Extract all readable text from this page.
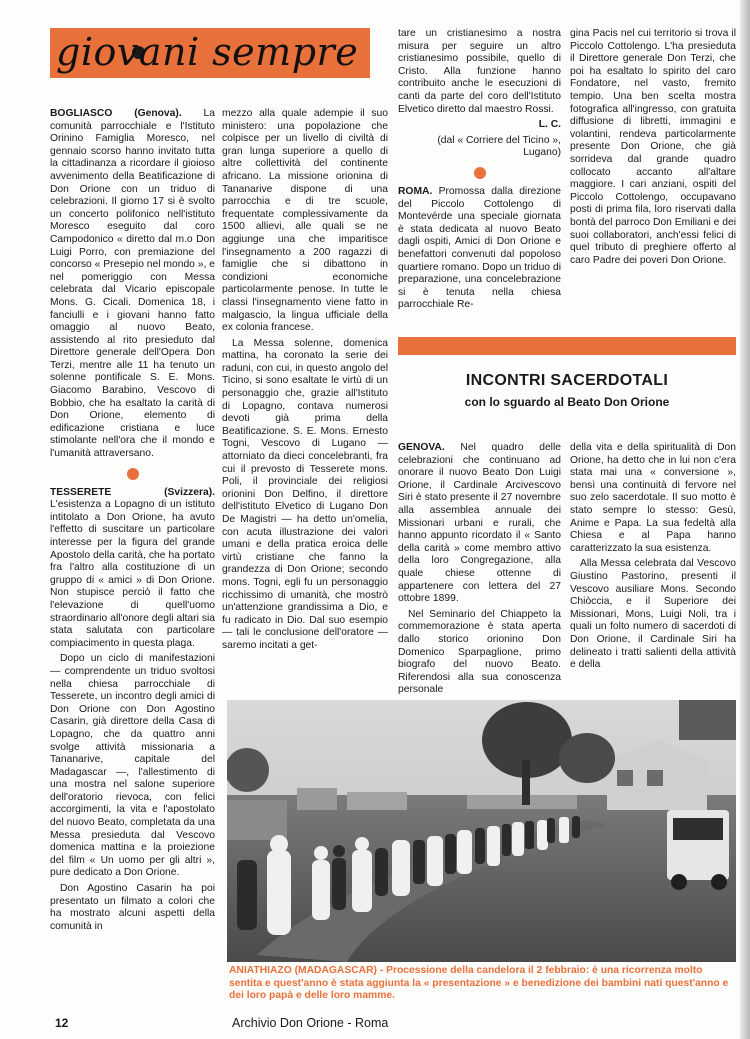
giovani sempre

BOGLIASCO (Genova). La comunità parrocchiale e l'Istituto Orinino Famiglia Moresco, nel gennaio scorso hanno invitato tutta la cittadinanza a ricordare il gioioso avvenimento della Beatificazione di Don Orione con un triduo di celebrazioni. Il giorno 17 si è svolto un concerto polifonico nell'istituto Moresco eseguito dal coro Campodonico « diretto dal m.o Don Luigi Porro, con premiazione del concorso « Presepio nel mondo », e nel pomeriggio con Messa celebrata dal Vicario episcopale Mons. G. Cicali. Domenica 18, i fanciulli e i giovani hanno fatto omaggio al nuovo Beato, assistendo al rito presieduto dal Direttore generale dell'Opera Don Terzi, mentre alle 11 ha tenuto un solenne pontificale S. E. Mons. Giacomo Barabino, Vescovo di Bobbio, che ha esaltato la carità di Don Orione, elemento di edificazione cristiana e luce stimolante nell'ora che il mondo e l'umanità attraversano.

TESSERETE (Svizzera). L'esistenza a Lopagno di un istituto intitolato a Don Orione, ha avuto l'effetto di suscitare un particolare interesse per la figura del grande Apostolo della carità, che ha portato fra l'altro alla costituzione di un gruppo di « amici » di Don Orione. Non stupisce perciò il fatto che l'elevazione di quell'uomo straordinario all'onore degli altari sia stata salutata con particolare compiacimento in questa plaga.

Dopo un ciclo di manifestazioni — comprendente un triduo svoltosi nella chiesa parrocchiale di Tesserete, un incontro degli amici di Don Orione con Don Agostino Casarin, già direttore della Casa di Lopagno, che da quattro anni svolge attività missionaria a Tananarive, capitale del Madagascar —, l'allestimento di una mostra nel salone superiore dell'oratorio rievoca, con felici accorgimenti, la vita e l'apostolato del nuovo Beato, completata da una Messa presieduta dal Vescovo domenica mattina e la proiezione del film « Un uomo per gli altri », pure dedicato a Don Orione.

Don Agostino Casarin ha poi presentato un filmato a colori che ha mostrato alcuni aspetti della comunità in

mezzo alla quale adempie il suo ministero: una popolazione che colpisce per un livello di civiltà di gran lunga superiore a quello di altre collettività del continente africano. La missione orionina di Tananarive dispone di una parrocchia e di tre scuole, frequentate complessivamente da 1500 allievi, alle quali se ne aggiunge una che imparitisce l'insegnamento a 200 ragazzi di famiglie che si dibattono in condizioni economiche particolarmente penose. In tutte le classi l'insegnamento viene fatto in malgascio, la lingua ufficiale della ex colonia francese.

La Messa solenne, domenica mattina, ha coronato la serie dei raduni, con cui, in questo angolo del Ticino, si sono esaltate le virtù di un personaggio che, grazie all'Istituto di Lopagno, contava numerosi devoti già prima della Beatificazione. S. E. Mons. Ernesto Togni, Vescovo di Lugano — attorniato da dieci concelebranti, fra cui il prevosto di Tesserete mons. Poli, il provinciale dei religiosi orionini Don Delfino, il direttore dell'istituto Elvetico di Lugano Don De Magistri — ha detto un'omelia, con acuta illustrazione dei valori umani e della pratica eroica delle virtù cristiane che fanno la grandezza di Don Orione; secondo mons. Togni, egli fu un personaggio ricchissimo di umanità, che mostrò un'attenzione grandissima a Dio, e fu radicato in Dio. Dal suo esempio — tali le conclusione dell'oratore — saremo incitati a get-

tare un cristianesimo a nostra misura per seguire un altro cristianesimo possibile, quello di Cristo. Alla funzione hanno contribuito anche le esecuzioni di canti da parte del coro dell'Istituto Elvetico diretto dal maestro Rossi.

L. C.

(dal « Corriere del Ticino », Lugano)

ROMA. Promossa dalla direzione del Piccolo Cottolengo di Montevérde una speciale giornata è stata dedicata al nuovo Beato dagli ospiti, Amici di Don Orione e benefattori convenuti dal popoloso quartiere romano. Dopo un triduo di preparazione, una concelebrazione si è tenuta nella chiesa parrocchiale Re-

gina Pacis nel cui territorio si trova il Piccolo Cottolengo. L'ha presieduta il Direttore generale Don Terzi, che poi ha esaltato lo spirito del caro Fondatore, nel vasto, fremito tempio. Una ben scelta mostra fotografica all'ingresso, con gratuita diffusione di libretti, immagini e volantini, rendeva particolarmente presente Don Orione, che già sorrideva dal grande quadro collocato accanto all'altare maggiore. I cari anziani, ospiti del Piccolo Cottolengo, occupavano posti di prima fila, loro riservati dalla bontà del parroco Don Emiliani e dei suoi collaboratori, anch'essi felici di quel tributo di preghiere offerto al caro Padre dei poveri Don Orione.

INCONTRI SACERDOTALI
con lo sguardo al Beato Don Orione

GENOVA. Nel quadro delle celebrazioni che continuano ad onorare il nuovo Beato Don Luigi Orione, il Cardinale Arcivescovo Siri è stato presente il 27 novembre alla assemblea annuale dei Missionari urbani e rurali, che hanno appunto ricordato il « Santo della carità » come membro attivo della loro Congregazione, alla quale chiese ottenne di appartenere con lettera del 27 ottobre 1899.

Nel Seminario del Chiappeto la commemorazione è stata aperta dallo storico orionino Don Domenico Sparpaglione, primo biografo del nuovo Beato. Riferendosi alla sua conoscenza personale

della vita e della spiritualità di Don Orione, ha detto che in lui non c'era stata mai una « conversione », bensì una continuità di fervore nel suo zelo sacerdotale. Il suo motto è stato sempre lo stesso: Gesù, Anime e Papa. La sua fedeltà alla Chiesa e al Papa hanno caratterizzato la sua esistenza.

Alla Messa celebrata dal Vescovo Giustino Pastorino, presenti il Vescovo ausiliare Mons. Secondo Chiòccia, e il Superiore dei Missionari, Mons, Luigi Noli, tra i quali un folto numero di sacerdoti di Don Orione, il Cardinale Siri ha delineato i tratti salienti della attività e della

ANIATHIAZO (MADAGASCAR) - Processione della candelora il 2 febbraio: è una ricorrenza molto sentita e quest'anno è stata aggiunta la « presentazione » e benedizione dei bambini nati quest'anno e dei loro papà e delle loro mamme.
12	Archivio Don Orione - Roma
